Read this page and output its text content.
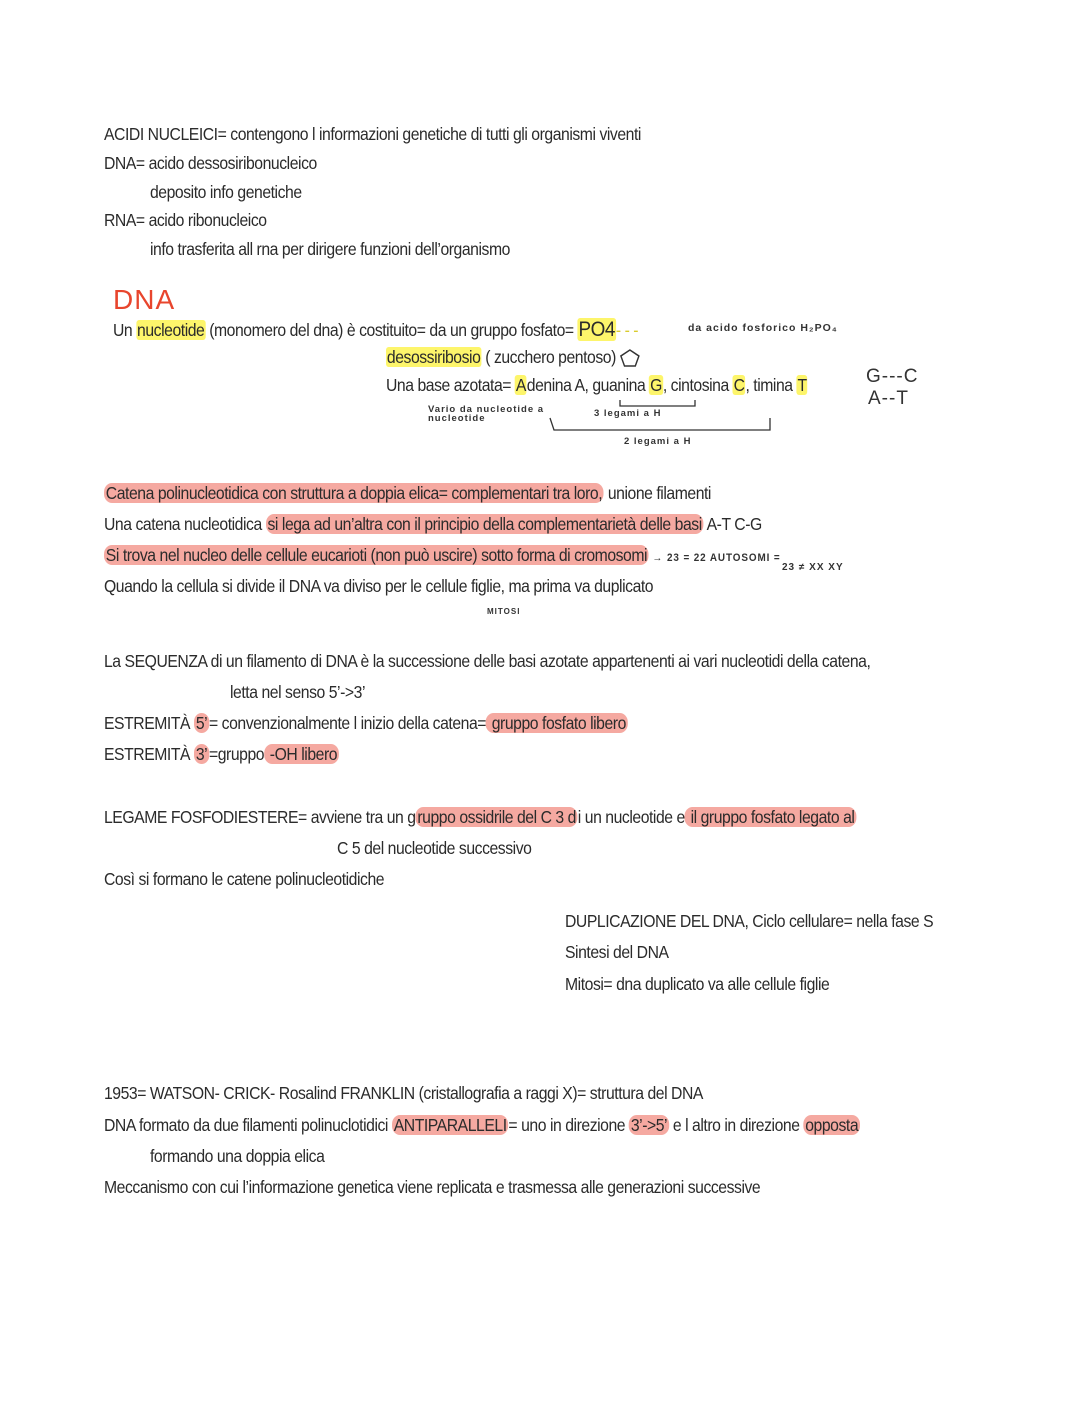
ACIDI NUCLEICI= contengono l informazioni genetiche di tutti gli organismi viventi
DNA= acido dessosiribonucleico
deposito info genetiche
RNA= acido ribonucleico
info trasferita all rna per dirigere funzioni dell’organismo
DNA
Un nucleotide (monomero del dna) è costituito= da un gruppo fosfato= PO4- - -	da acido fosforico H₂PO₄
desossiribosio ( zucchero pentoso)
Una base azotata= Adenina A, guanina G, cintosina C, timina T	G---C
A--T
Vario da nucleotide a nucleotide	3 legami a H
2 legami a H
Catena polinucleotidica con struttura a doppia elica= complementari tra loro, unione filamenti
Una catena nucleotidica si lega ad un’altra con il principio della complementarietà delle basi A-T C-G
Si trova nel nucleo delle cellule eucarioti (non può uscire) sotto forma di cromosomi → 23 = 22 AUTOSOMI =
23 ≠ XX XY
Quando la cellula si divide il DNA va diviso per le cellule figlie, ma prima va duplicato
MITOSI
La SEQUENZA di un filamento di DNA è la successione delle basi azotate appartenenti ai vari nucleotidi della catena,
letta nel senso 5’->3’
ESTREMITÀ 5’ = convenzionalmente l inizio della catena= gruppo fosfato libero
ESTREMITÀ 3’ =gruppo -OH libero
LEGAME FOSFODIESTERE= avviene tra un g ruppo ossidrile del C 3 d i un nucleotide e il gruppo fosfato legato al
C 5 del nucleotide successivo
Così si formano le catene polinucleotidiche
DUPLICAZIONE DEL DNA, Ciclo cellulare= nella fase S
Sintesi del DNA
Mitosi= dna duplicato va alle cellule figlie
1953= WATSON- CRICK- Rosalind FRANKLIN (cristallografia a raggi X)= struttura del DNA
DNA formato da due filamenti polinuclotidici ANTIPARALLELI = uno in direzione 3’->5’ e l altro in direzione opposta
formando una doppia elica
Meccanismo con cui l’informazione genetica viene replicata e trasmessa alle generazioni successive
